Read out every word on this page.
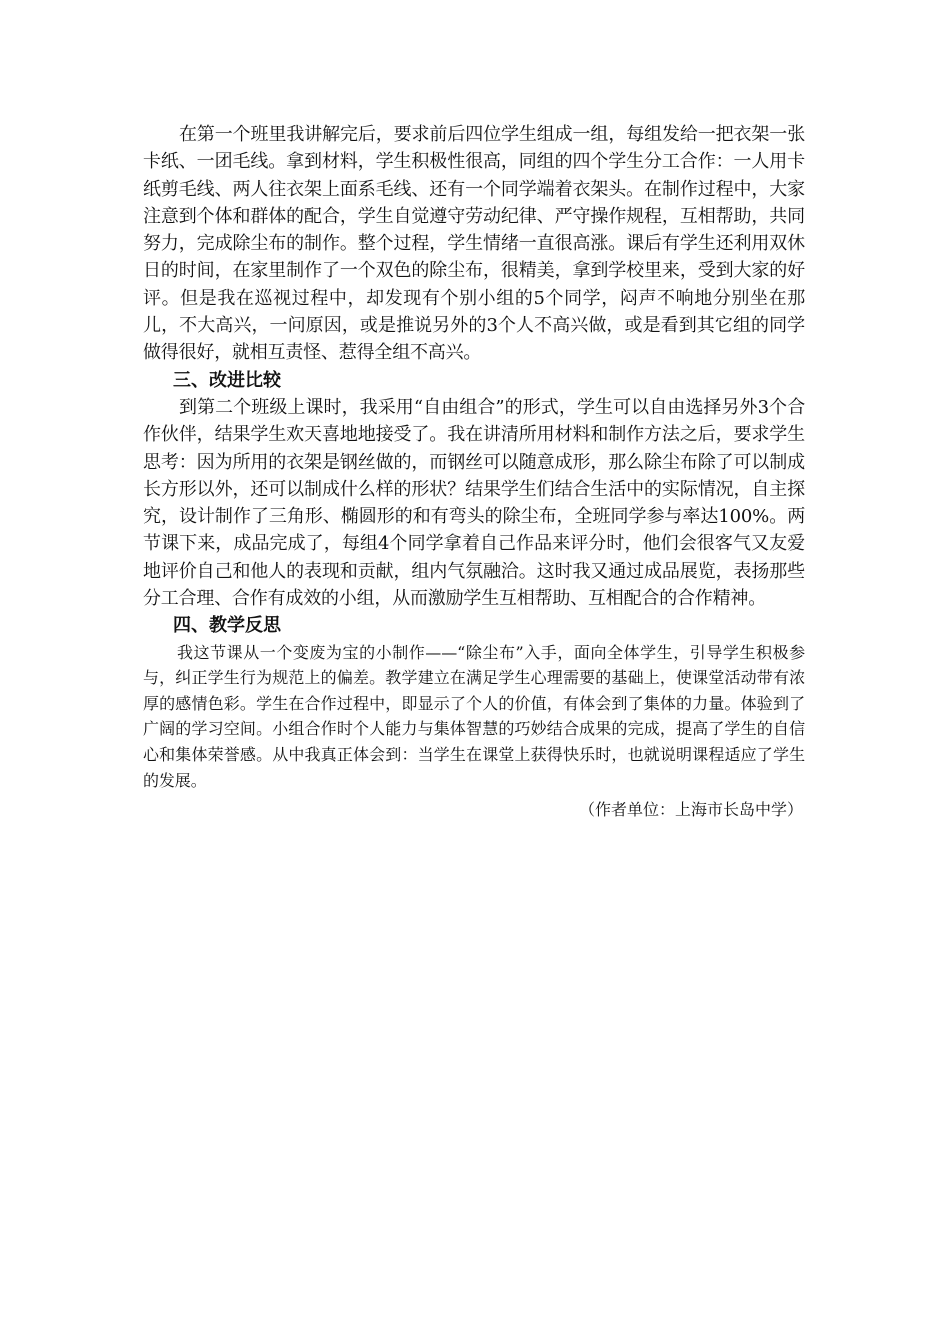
在第一个班里我讲解完后，要求前后四位学生组成一组，每组发给一把衣架一张卡纸、一团毛线。拿到材料，学生积极性很高，同组的四个学生分工合作：一人用卡纸剪毛线、两人往衣架上面系毛线、还有一个同学端着衣架头。在制作过程中，大家注意到个体和群体的配合，学生自觉遵守劳动纪律、严守操作规程，互相帮助，共同努力，完成除尘布的制作。整个过程，学生情绪一直很高涨。课后有学生还利用双休日的时间，在家里制作了一个双色的除尘布，很精美，拿到学校里来，受到大家的好评。但是我在巡视过程中，却发现有个别小组的5个同学，闷声不响地分别坐在那儿，不大高兴，一问原因，或是推说另外的3个人不高兴做，或是看到其它组的同学做得很好，就相互责怪、惹得全组不高兴。

三、改进比较

到第二个班级上课时，我采用“自由组合”的形式，学生可以自由选择另外3个合作伙伴，结果学生欢天喜地地接受了。我在讲清所用材料和制作方法之后，要求学生思考：因为所用的衣架是钢丝做的，而钢丝可以随意成形，那么除尘布除了可以制成长方形以外，还可以制成什么样的形状？结果学生们结合生活中的实际情况，自主探究，设计制作了三角形、椭圆形的和有弯头的除尘布，全班同学参与率达100%。两节课下来，成品完成了，每组4个同学拿着自己作品来评分时，他们会很客气又友爱地评价自己和他人的表现和贡献，组内气氛融洽。这时我又通过成品展览，表扬那些分工合理、合作有成效的小组，从而激励学生互相帮助、互相配合的合作精神。

四、教学反思

我这节课从一个变废为宝的小制作——“除尘布”入手，面向全体学生，引导学生积极参与，纠正学生行为规范上的偏差。教学建立在满足学生心理需要的基础上，使课堂活动带有浓厚的感情色彩。学生在合作过程中，即显示了个人的价值，有体会到了集体的力量。体验到了广阔的学习空间。小组合作时个人能力与集体智慧的巧妙结合成果的完成，提高了学生的自信心和集体荣誉感。从中我真正体会到：当学生在课堂上获得快乐时，也就说明课程适应了学生的发展。

（作者单位：上海市长岛中学）
